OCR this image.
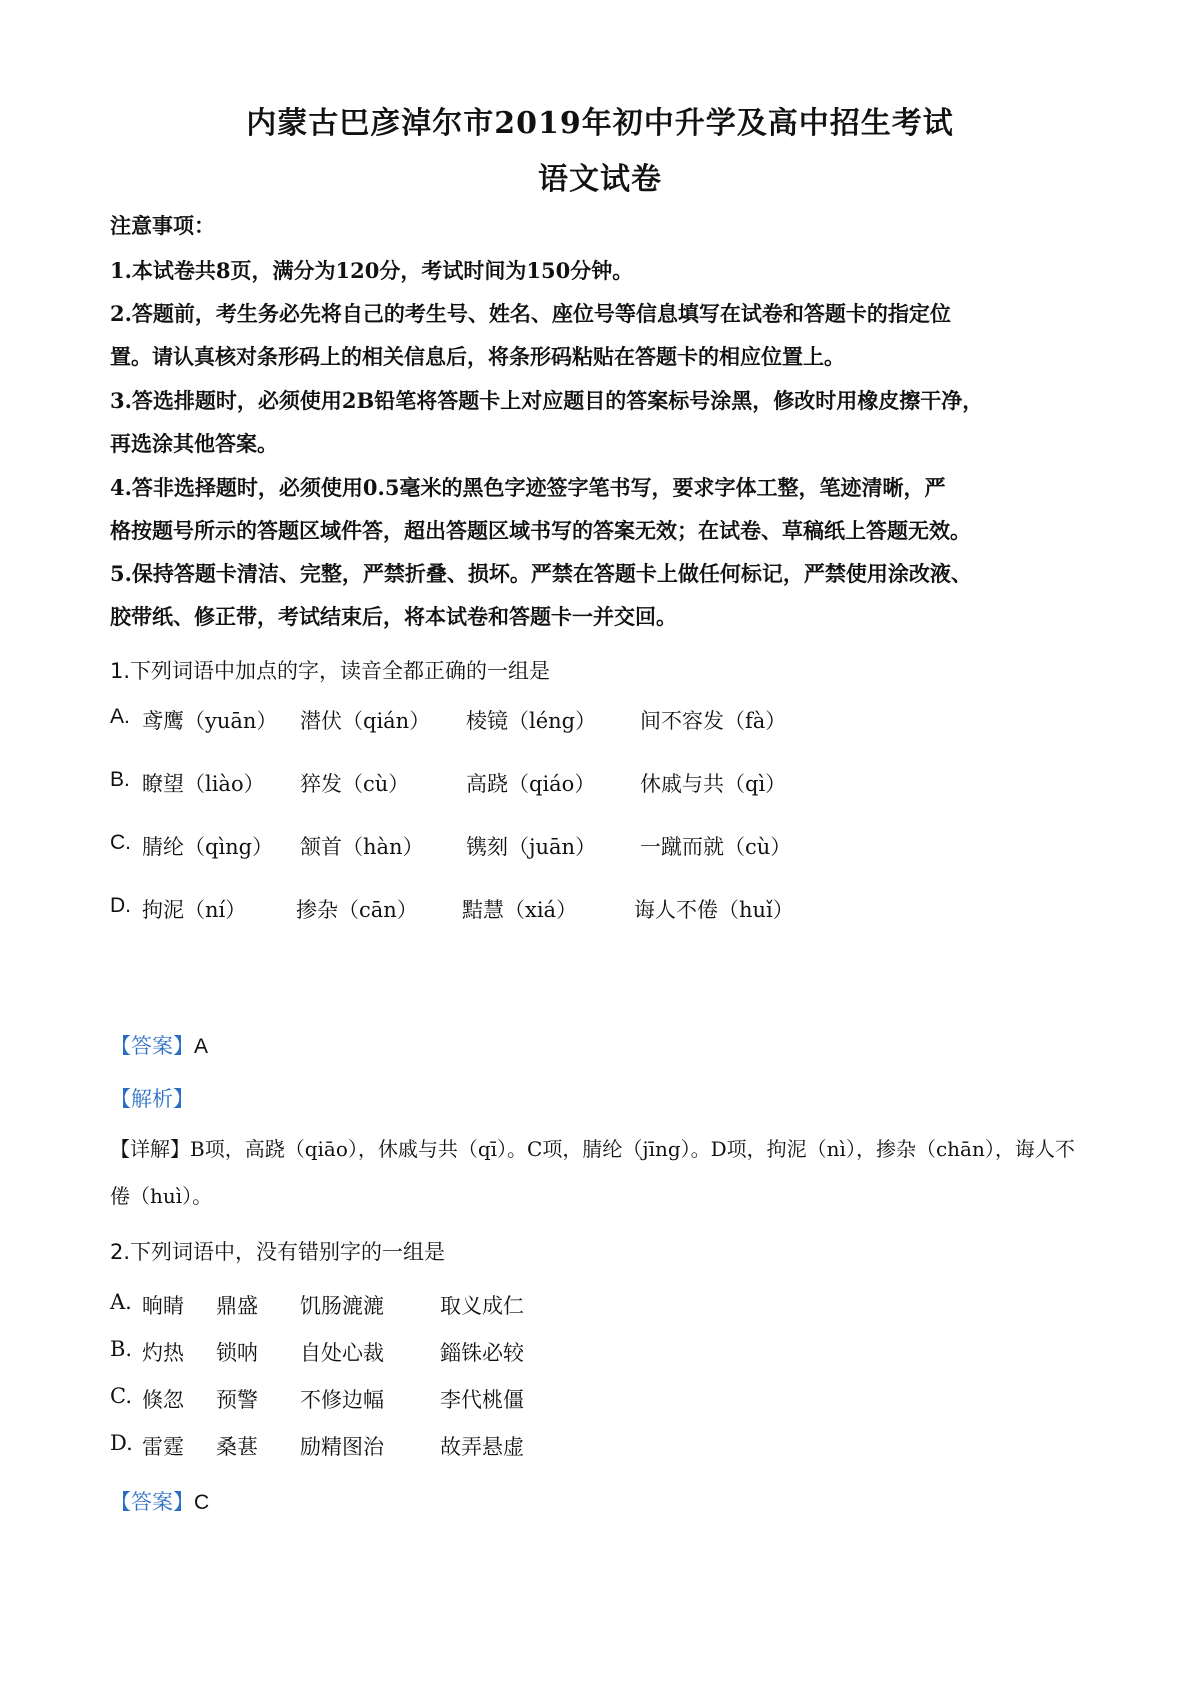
内蒙古巴彦淖尔市2019年初中升学及高中招生考试
语文试卷
注意事项：
1.本试卷共8页，满分为120分，考试时间为150分钟。
2.答题前，考生务必先将自己的考生号、姓名、座位号等信息填写在试卷和答题卡的指定位
置。请认真核对条形码上的相关信息后，将条形码粘贴在答题卡的相应位置上。
3.答选排题时，必须使用2B铅笔将答题卡上对应题目的答案标号涂黑，修改时用橡皮擦干净，
再选涂其他答案。
4.答非选择题时，必须使用0.5毫米的黑色字迹签字笔书写，要求字体工整，笔迹清晰，严
格按题号所示的答题区域件答，超出答题区域书写的答案无效；在试卷、草稿纸上答题无效。
5.保持答题卡清洁、完整，严禁折叠、损坏。严禁在答题卡上做任何标记，严禁使用涂改液、
胶带纸、修正带，考试结束后，将本试卷和答题卡一并交回。
1.下列词语中加点的字，读音全都正确的一组是
A. 鸢鹰（yuān） 潜伏（qián） 棱镜（léng） 间不容发（fà）
B. 瞭望（liào） 猝发（cù）	高跷（qiáo） 休戚与共（qì）
C. 腈纶（qìng） 颔首（hàn） 镌刻（juān） 一蹴而就（cù）
D. 拘泥（ní） 掺杂（cān） 黠慧（xiá）	诲人不倦（huǐ）
【答案】A
【解析】
【详解】B项，高跷（qiāo），休戚与共（qī）。C项，腈纶（jīng）。D项，拘泥（nì），掺杂（chān），诲人不
倦（huì）。
2.下列词语中，没有错别字的一组是
A. 晌睛 鼎盛 饥肠漉漉	取义成仁
B. 灼热 锁呐 自处心裁	錙铢必较
C. 倏忽 预警 不修边幅	李代桃僵
D. 雷霆 桑葚 励精图治	故弄悬虚
【答案】C
